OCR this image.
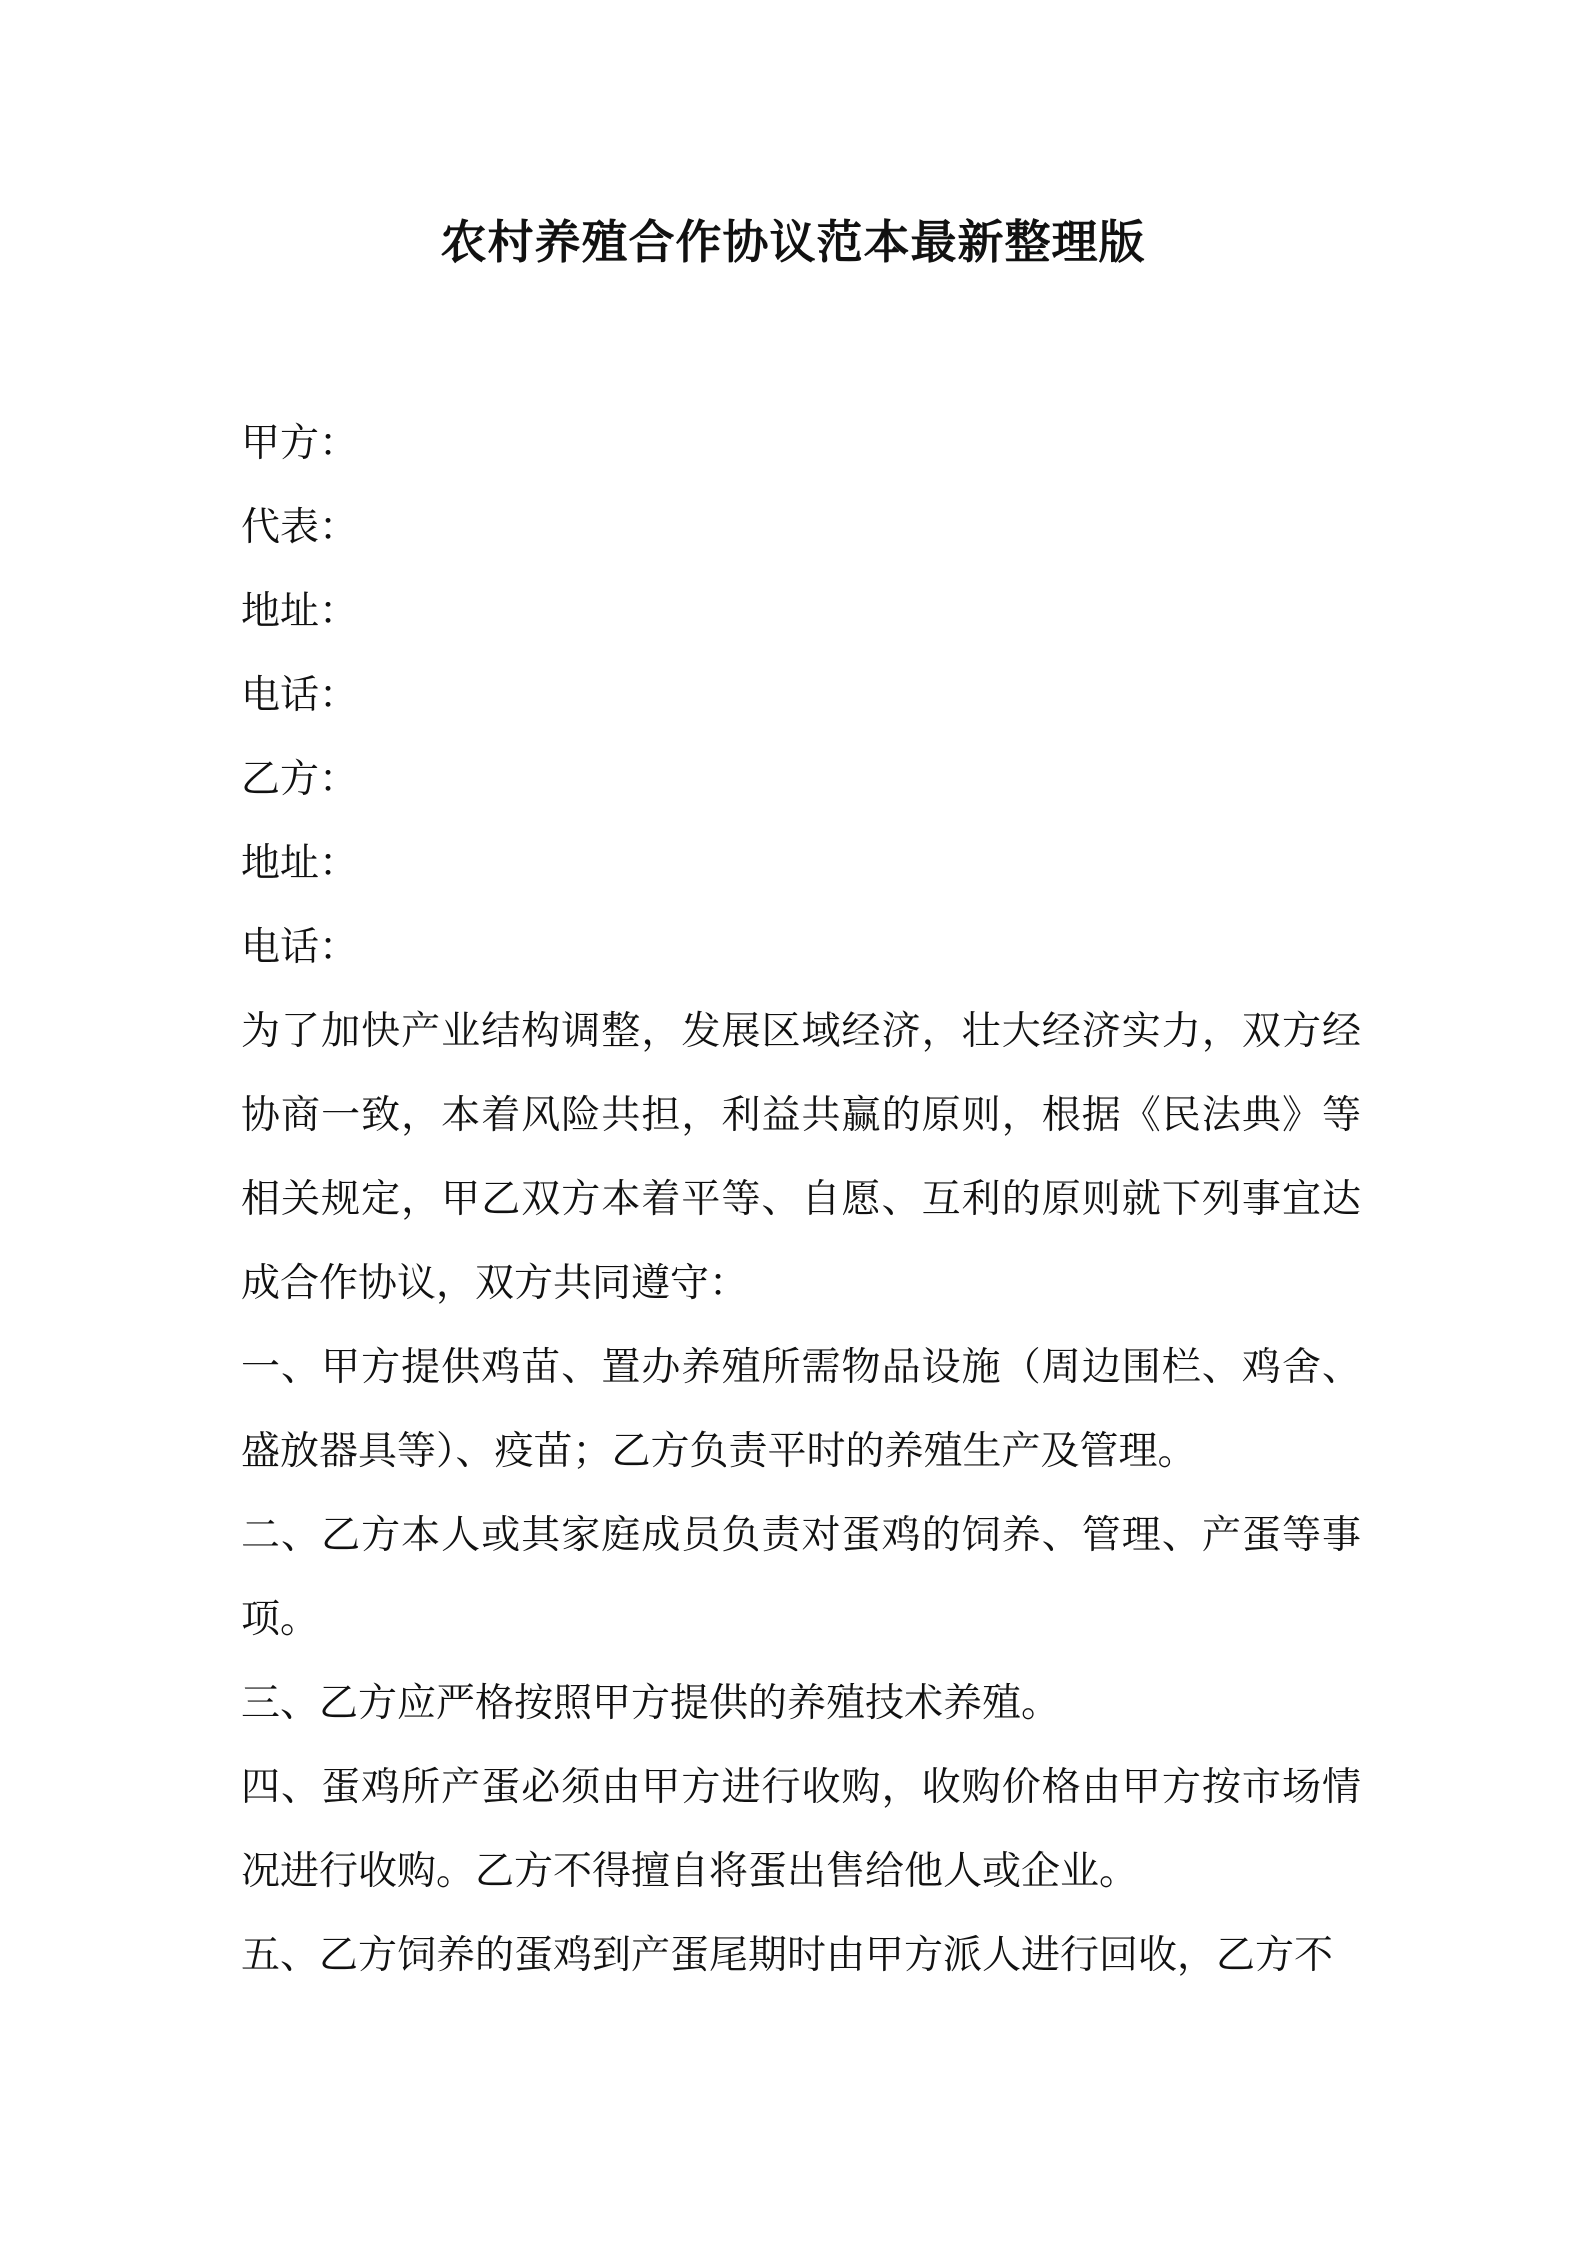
农村养殖合作协议范本最新整理版
甲方：
代表：
地址：
电话：
乙方：
地址：
电话：

为了加快产业结构调整，发展区域经济，壮大经济实力，双方经协商一致，本着风险共担，利益共赢的原则，根据《民法典》等相关规定，甲乙双方本着平等、自愿、互利的原则就下列事宜达成合作协议，双方共同遵守：

一、甲方提供鸡苗、置办养殖所需物品设施（周边围栏、鸡舍、盛放器具等）、疫苗；乙方负责平时的养殖生产及管理。

二、乙方本人或其家庭成员负责对蛋鸡的饲养、管理、产蛋等事项。

三、乙方应严格按照甲方提供的养殖技术养殖。

四、蛋鸡所产蛋必须由甲方进行收购，收购价格由甲方按市场情况进行收购。乙方不得擅自将蛋出售给他人或企业。

五、乙方饲养的蛋鸡到产蛋尾期时由甲方派人进行回收，乙方不
